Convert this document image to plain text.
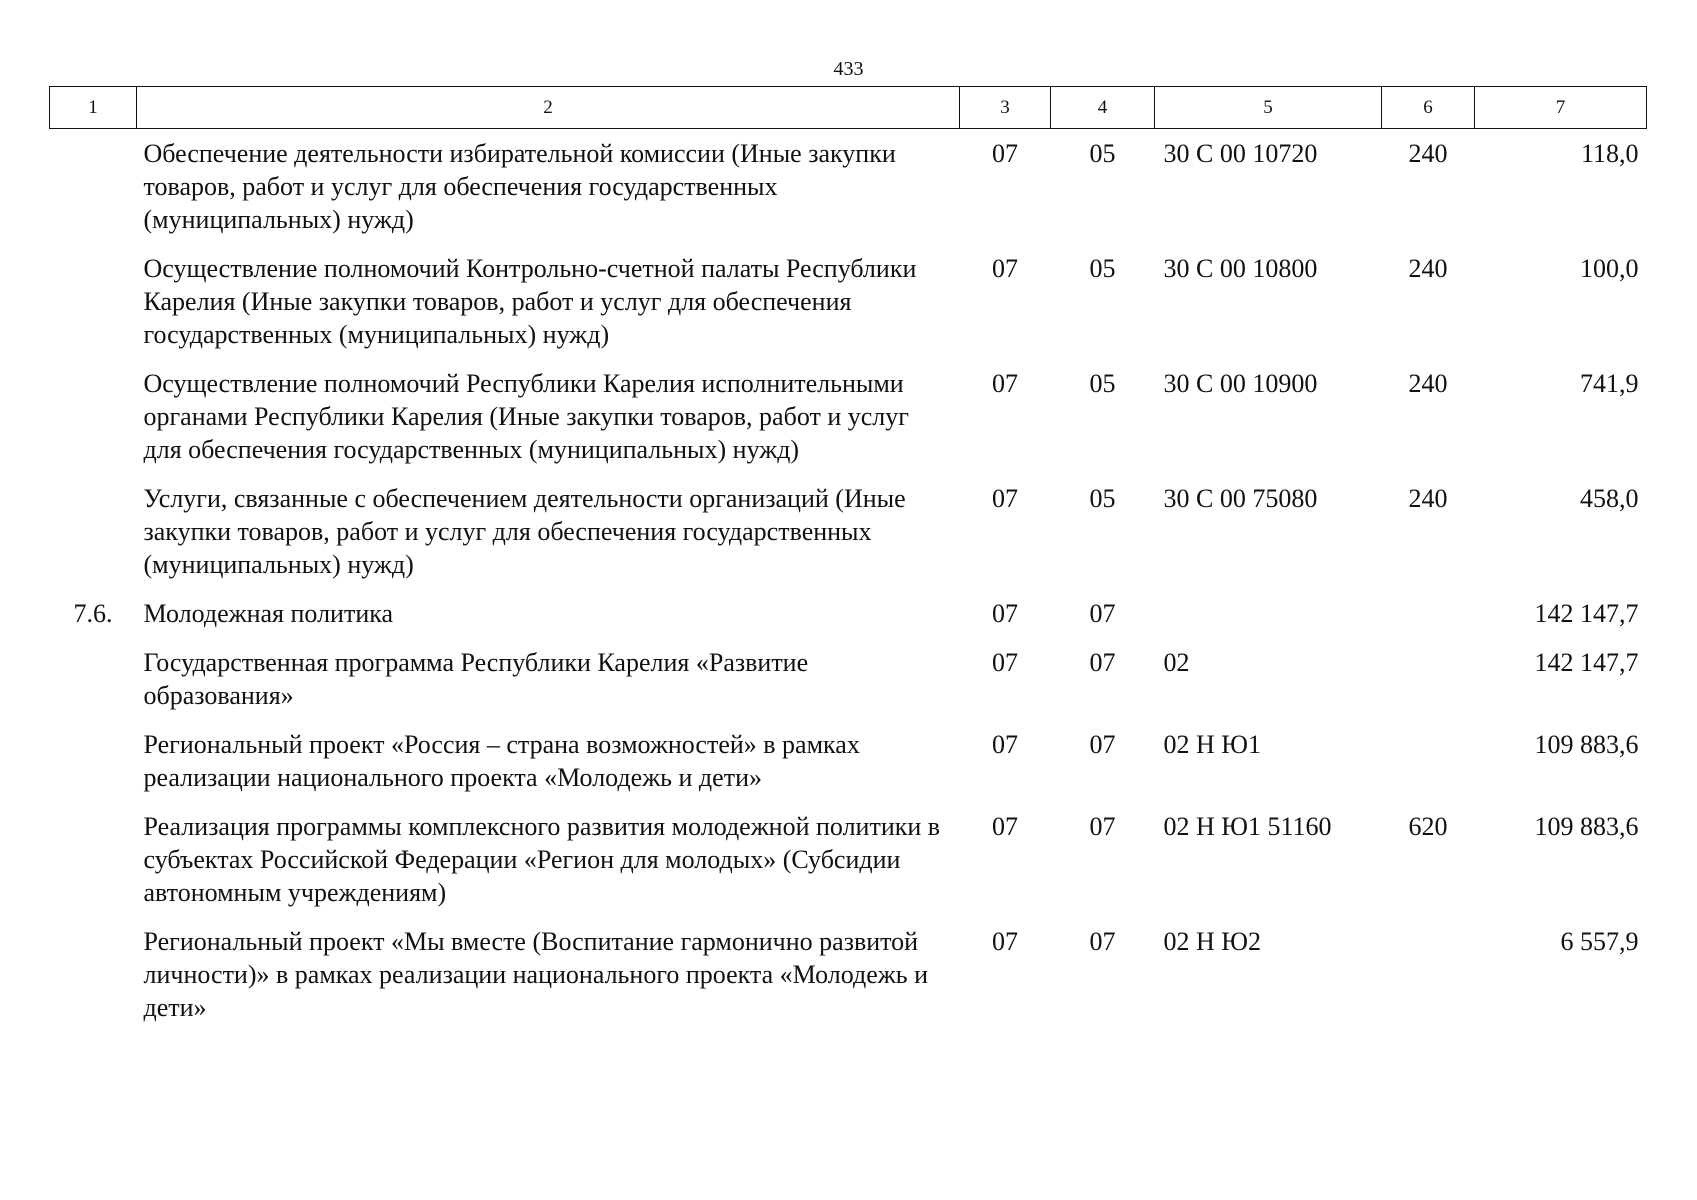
433
1	2	3	4	5	6	7
	Обеспечение деятельности избирательной комиссии (Иные закупки товаров, работ и услуг для обеспечения государственных (муниципальных) нужд)	07	05	30 С 00 10720	240	118,0
	Осуществление полномочий Контрольно-счетной палаты Республики Карелия (Иные закупки товаров, работ и услуг для обеспечения государственных (муниципальных) нужд)	07	05	30 С 00 10800	240	100,0
	Осуществление полномочий Республики Карелия исполнительными органами Республики Карелия (Иные закупки товаров, работ и услуг для обеспечения государственных (муниципальных) нужд)	07	05	30 С 00 10900	240	741,9
	Услуги, связанные с обеспечением деятельности организаций (Иные закупки товаров, работ и услуг для обеспечения государственных (муниципальных) нужд)	07	05	30 С 00 75080	240	458,0
7.6.	Молодежная политика	07	07			142 147,7
	Государственная программа Республики Карелия «Развитие образования»	07	07	02		142 147,7
	Региональный проект «Россия – страна возможностей» в рамках реализации национального проекта «Молодежь и дети»	07	07	02 Н Ю1		109 883,6
	Реализация программы комплексного развития молодежной политики в субъектах Российской Федерации «Регион для молодых» (Субсидии автономным учреждениям)	07	07	02 Н Ю1 51160	620	109 883,6
	Региональный проект «Мы вместе (Воспитание гармонично развитой личности)» в рамках реализации национального проекта «Молодежь и дети»	07	07	02 Н Ю2		6 557,9
